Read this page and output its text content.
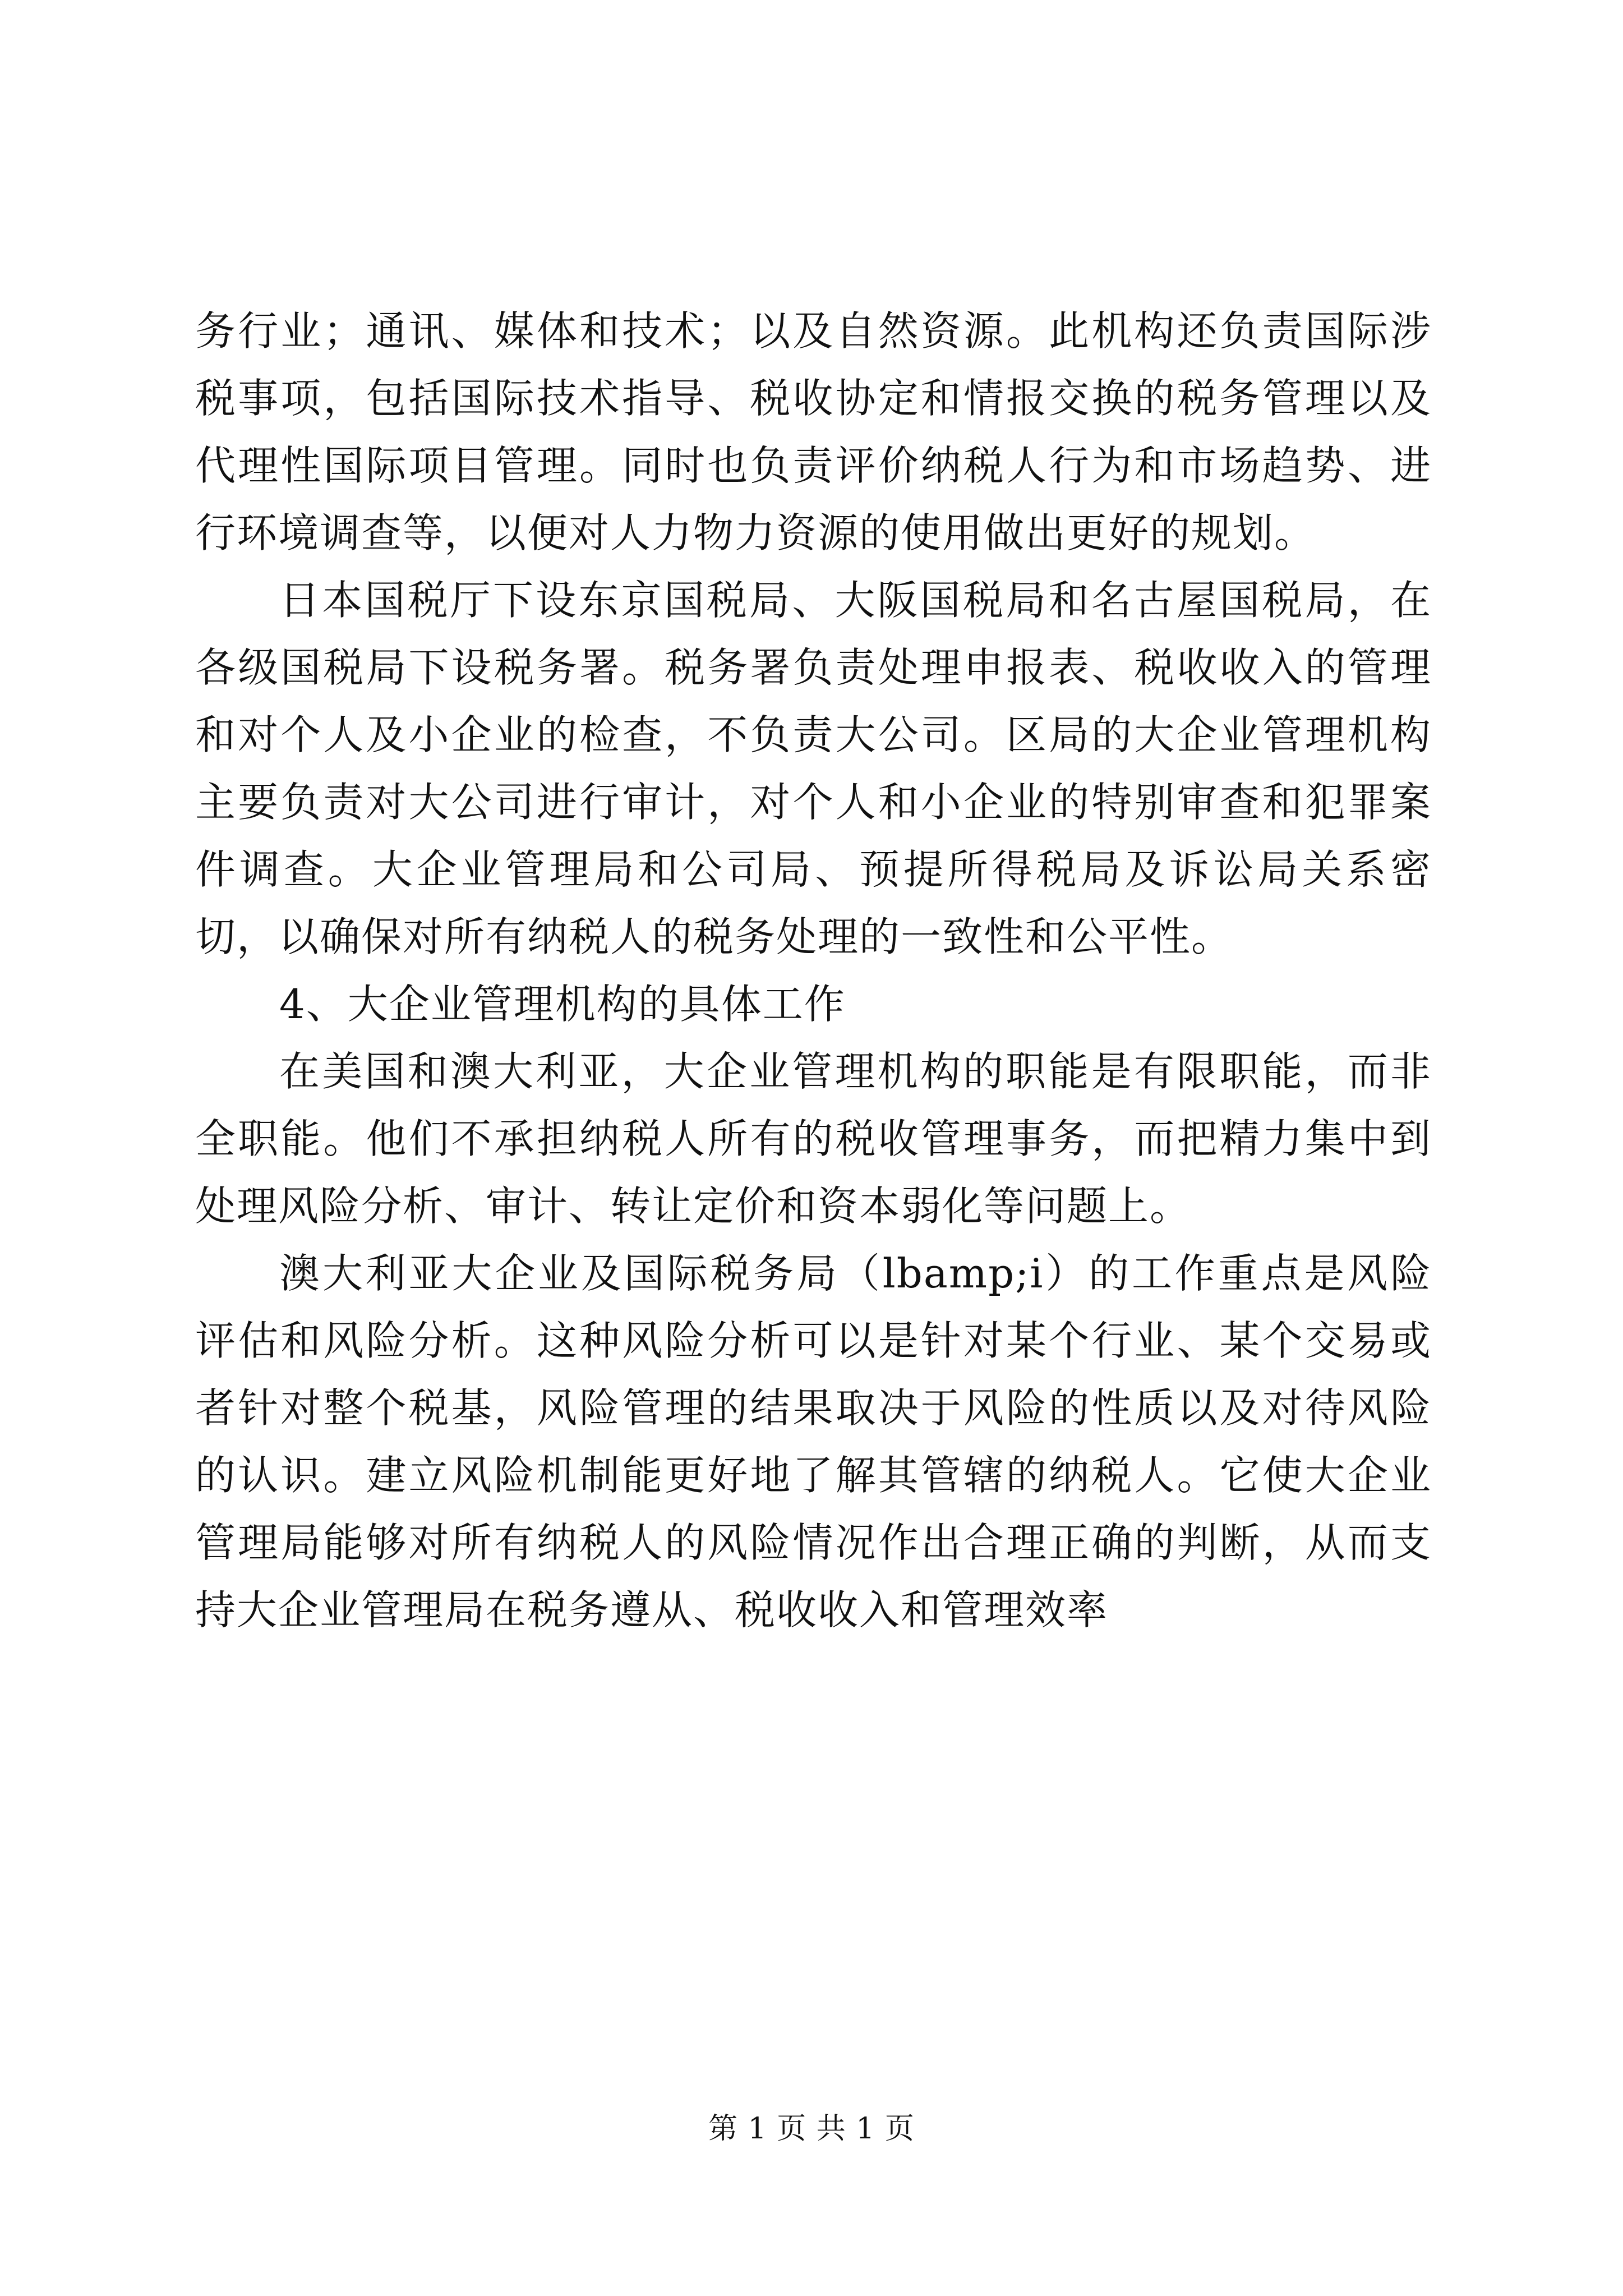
务行业；通讯、媒体和技术；以及自然资源。此机构还负责国际涉税事项，包括国际技术指导、税收协定和情报交换的税务管理以及代理性国际项目管理。同时也负责评价纳税人行为和市场趋势、进行环境调查等，以便对人力物力资源的使用做出更好的规划。

日本国税厅下设东京国税局、大阪国税局和名古屋国税局，在各级国税局下设税务署。税务署负责处理申报表、税收收入的管理和对个人及小企业的检查，不负责大公司。区局的大企业管理机构主要负责对大公司进行审计，对个人和小企业的特别审查和犯罪案件调查。大企业管理局和公司局、预提所得税局及诉讼局关系密切，以确保对所有纳税人的税务处理的一致性和公平性。

4、大企业管理机构的具体工作

在美国和澳大利亚，大企业管理机构的职能是有限职能，而非全职能。他们不承担纳税人所有的税收管理事务，而把精力集中到处理风险分析、审计、转让定价和资本弱化等问题上。

澳大利亚大企业及国际税务局（lbamp;i）的工作重点是风险评估和风险分析。这种风险分析可以是针对某个行业、某个交易或者针对整个税基，风险管理的结果取决于风险的性质以及对待风险的认识。建立风险机制能更好地了解其管辖的纳税人。它使大企业管理局能够对所有纳税人的风险情况作出合理正确的判断，从而支持大企业管理局在税务遵从、税收收入和管理效率

第 1 页 共 1 页
